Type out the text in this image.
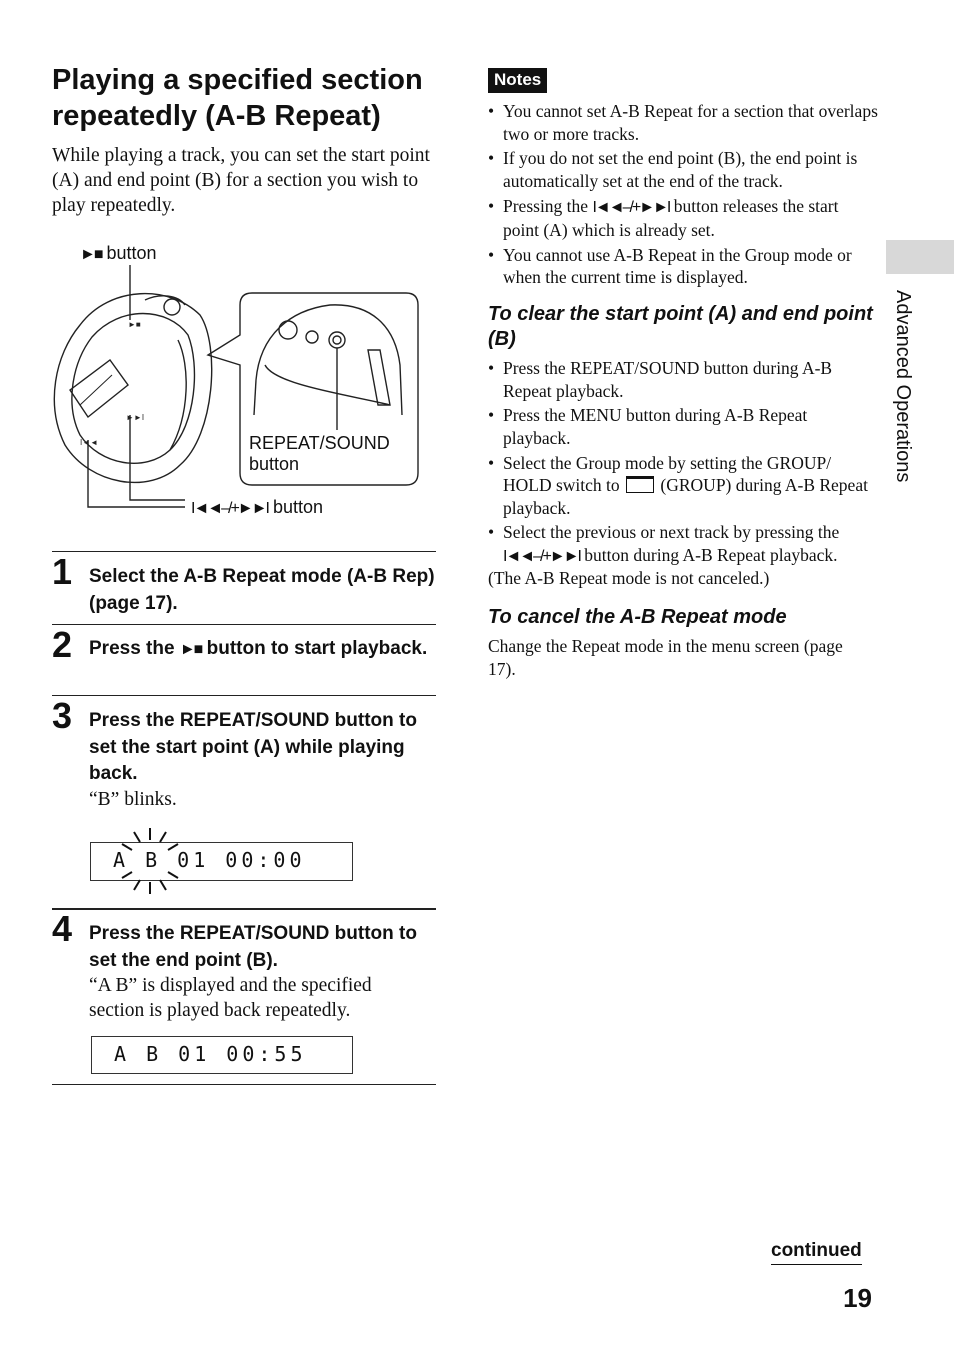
Playing a specified section repeatedly (A-B Repeat)

While playing a track, you can set the start point (A) and end point (B) for a section you wish to play repeatedly.

►■ button
►■
►►I
I◄◄	REPEAT/SOUND button
I◄◄–/+►►I button
1 Select the A-B Repeat mode (A-B Rep) (page 17).

2 Press the ►■ button to start playback.

3 Press the REPEAT/SOUND button to set the start point (A) while playing back.

“B” blinks.

A B 01 00:00
4 Press the REPEAT/SOUND button to set the end point (B).

“A B” is displayed and the specified section is played back repeatedly.

A B 01 00:55
Notes
• You cannot set A-B Repeat for a section that overlaps two or more tracks.
• If you do not set the end point (B), the end point is automatically set at the end of the track.
• Pressing the I◄◄–/+►►I button releases the start point (A) which is already set.
• You cannot use A-B Repeat in the Group mode or when the current time is displayed.
To clear the start point (A) and end point (B)
• Press the REPEAT/SOUND button during A-B Repeat playback.
• Press the MENU button during A-B Repeat playback.
• Select the Group mode by setting the GROUP/ HOLD switch to (GROUP) during A-B Repeat playback.
• Select the previous or next track by pressing the I◄◄–/+►►I button during A-B Repeat playback.

(The A-B Repeat mode is not canceled.)

To cancel the A-B Repeat mode

Change the Repeat mode in the menu screen (page 17).

Advanced Operations
continued
19
